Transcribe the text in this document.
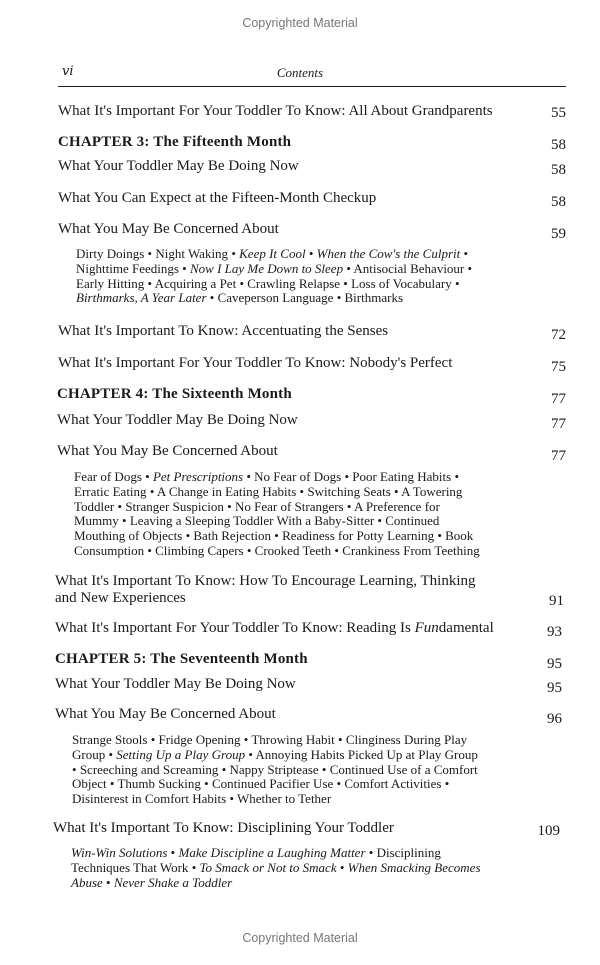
Copyrighted Material
vi	Contents
What It's Important For Your Toddler To Know: All About Grandparents	55
CHAPTER 3: The Fifteenth Month	58
What Your Toddler May Be Doing Now	58
What You Can Expect at the Fifteen-Month Checkup	58
What You May Be Concerned About	59
Dirty Doings • Night Waking • Keep It Cool • When the Cow's the Culprit • Nighttime Feedings • Now I Lay Me Down to Sleep • Antisocial Behaviour • Early Hitting • Acquiring a Pet • Crawling Relapse • Loss of Vocabulary • Birthmarks, A Year Later • Caveperson Language • Birthmarks
What It's Important To Know: Accentuating the Senses	72
What It's Important For Your Toddler To Know: Nobody's Perfect	75
CHAPTER 4: The Sixteenth Month	77
What Your Toddler May Be Doing Now	77
What You May Be Concerned About	77
Fear of Dogs • Pet Prescriptions • No Fear of Dogs • Poor Eating Habits • Erratic Eating • A Change in Eating Habits • Switching Seats • A Towering Toddler • Stranger Suspicion • No Fear of Strangers • A Preference for Mummy • Leaving a Sleeping Toddler With a Baby-Sitter • Continued Mouthing of Objects • Bath Rejection • Readiness for Potty Learning • Book Consumption • Climbing Capers • Crooked Teeth • Crankiness From Teething
What It's Important To Know: How To Encourage Learning, Thinking and New Experiences	91
What It's Important For Your Toddler To Know: Reading Is Fundamental	93
CHAPTER 5: The Seventeenth Month	95
What Your Toddler May Be Doing Now	95
What You May Be Concerned About	96
Strange Stools • Fridge Opening • Throwing Habit • Clinginess During Play Group • Setting Up a Play Group • Annoying Habits Picked Up at Play Group • Screeching and Screaming • Nappy Striptease • Continued Use of a Comfort Object • Thumb Sucking • Continued Pacifier Use • Comfort Activities • Disinterest in Comfort Habits • Whether to Tether
What It's Important To Know: Disciplining Your Toddler	109
Win-Win Solutions • Make Discipline a Laughing Matter • Disciplining Techniques That Work • To Smack or Not to Smack • When Smacking Becomes Abuse • Never Shake a Toddler
Copyrighted Material
